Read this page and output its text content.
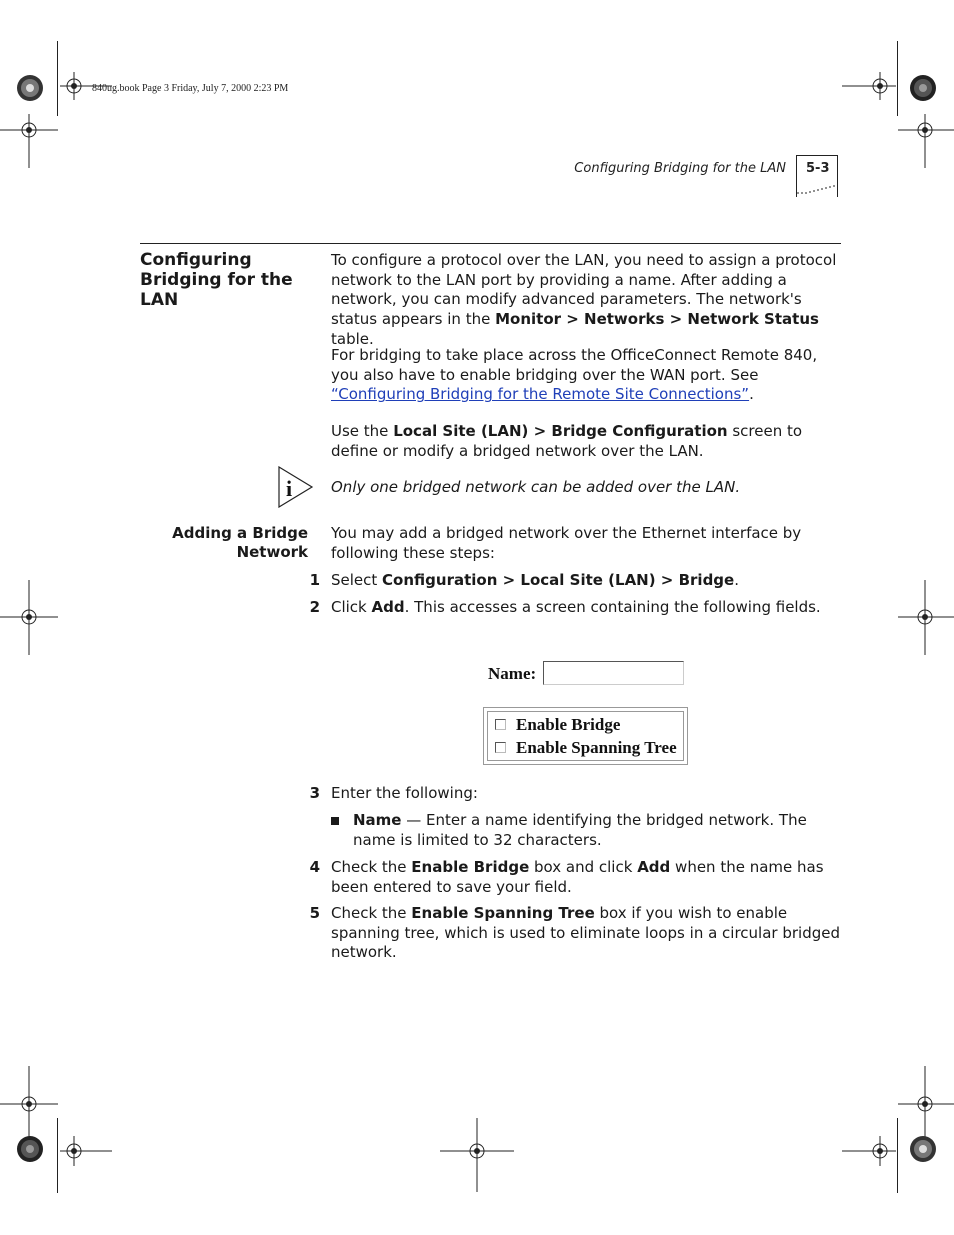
840ug.book Page 3 Friday, July 7, 2000 2:23 PM
Configuring Bridging for the LAN 5-3
Configuring Bridging for the LAN
To configure a protocol over the LAN, you need to assign a protocol network to the LAN port by providing a name. After adding a network, you can modify advanced parameters. The network's status appears in the Monitor > Networks > Network Status table.
For bridging to take place across the OfficeConnect Remote 840, you also have to enable bridging over the WAN port. See “Configuring Bridging for the Remote Site Connections”.
Use the Local Site (LAN) > Bridge Configuration screen to define or modify a bridged network over the LAN.
i	Only one bridged network can be added over the LAN.
Adding a Bridge Network
You may add a bridged network over the Ethernet interface by following these steps:
1 Select Configuration > Local Site (LAN) > Bridge.
2 Click Add. This accesses a screen containing the following fields.
Name:
Enable Bridge
Enable Spanning Tree
3 Enter the following:
Name — Enter a name identifying the bridged network. The name is limited to 32 characters.
4 Check the Enable Bridge box and click Add when the name has been entered to save your field.
5 Check the Enable Spanning Tree box if you wish to enable spanning tree, which is used to eliminate loops in a circular bridged network.
